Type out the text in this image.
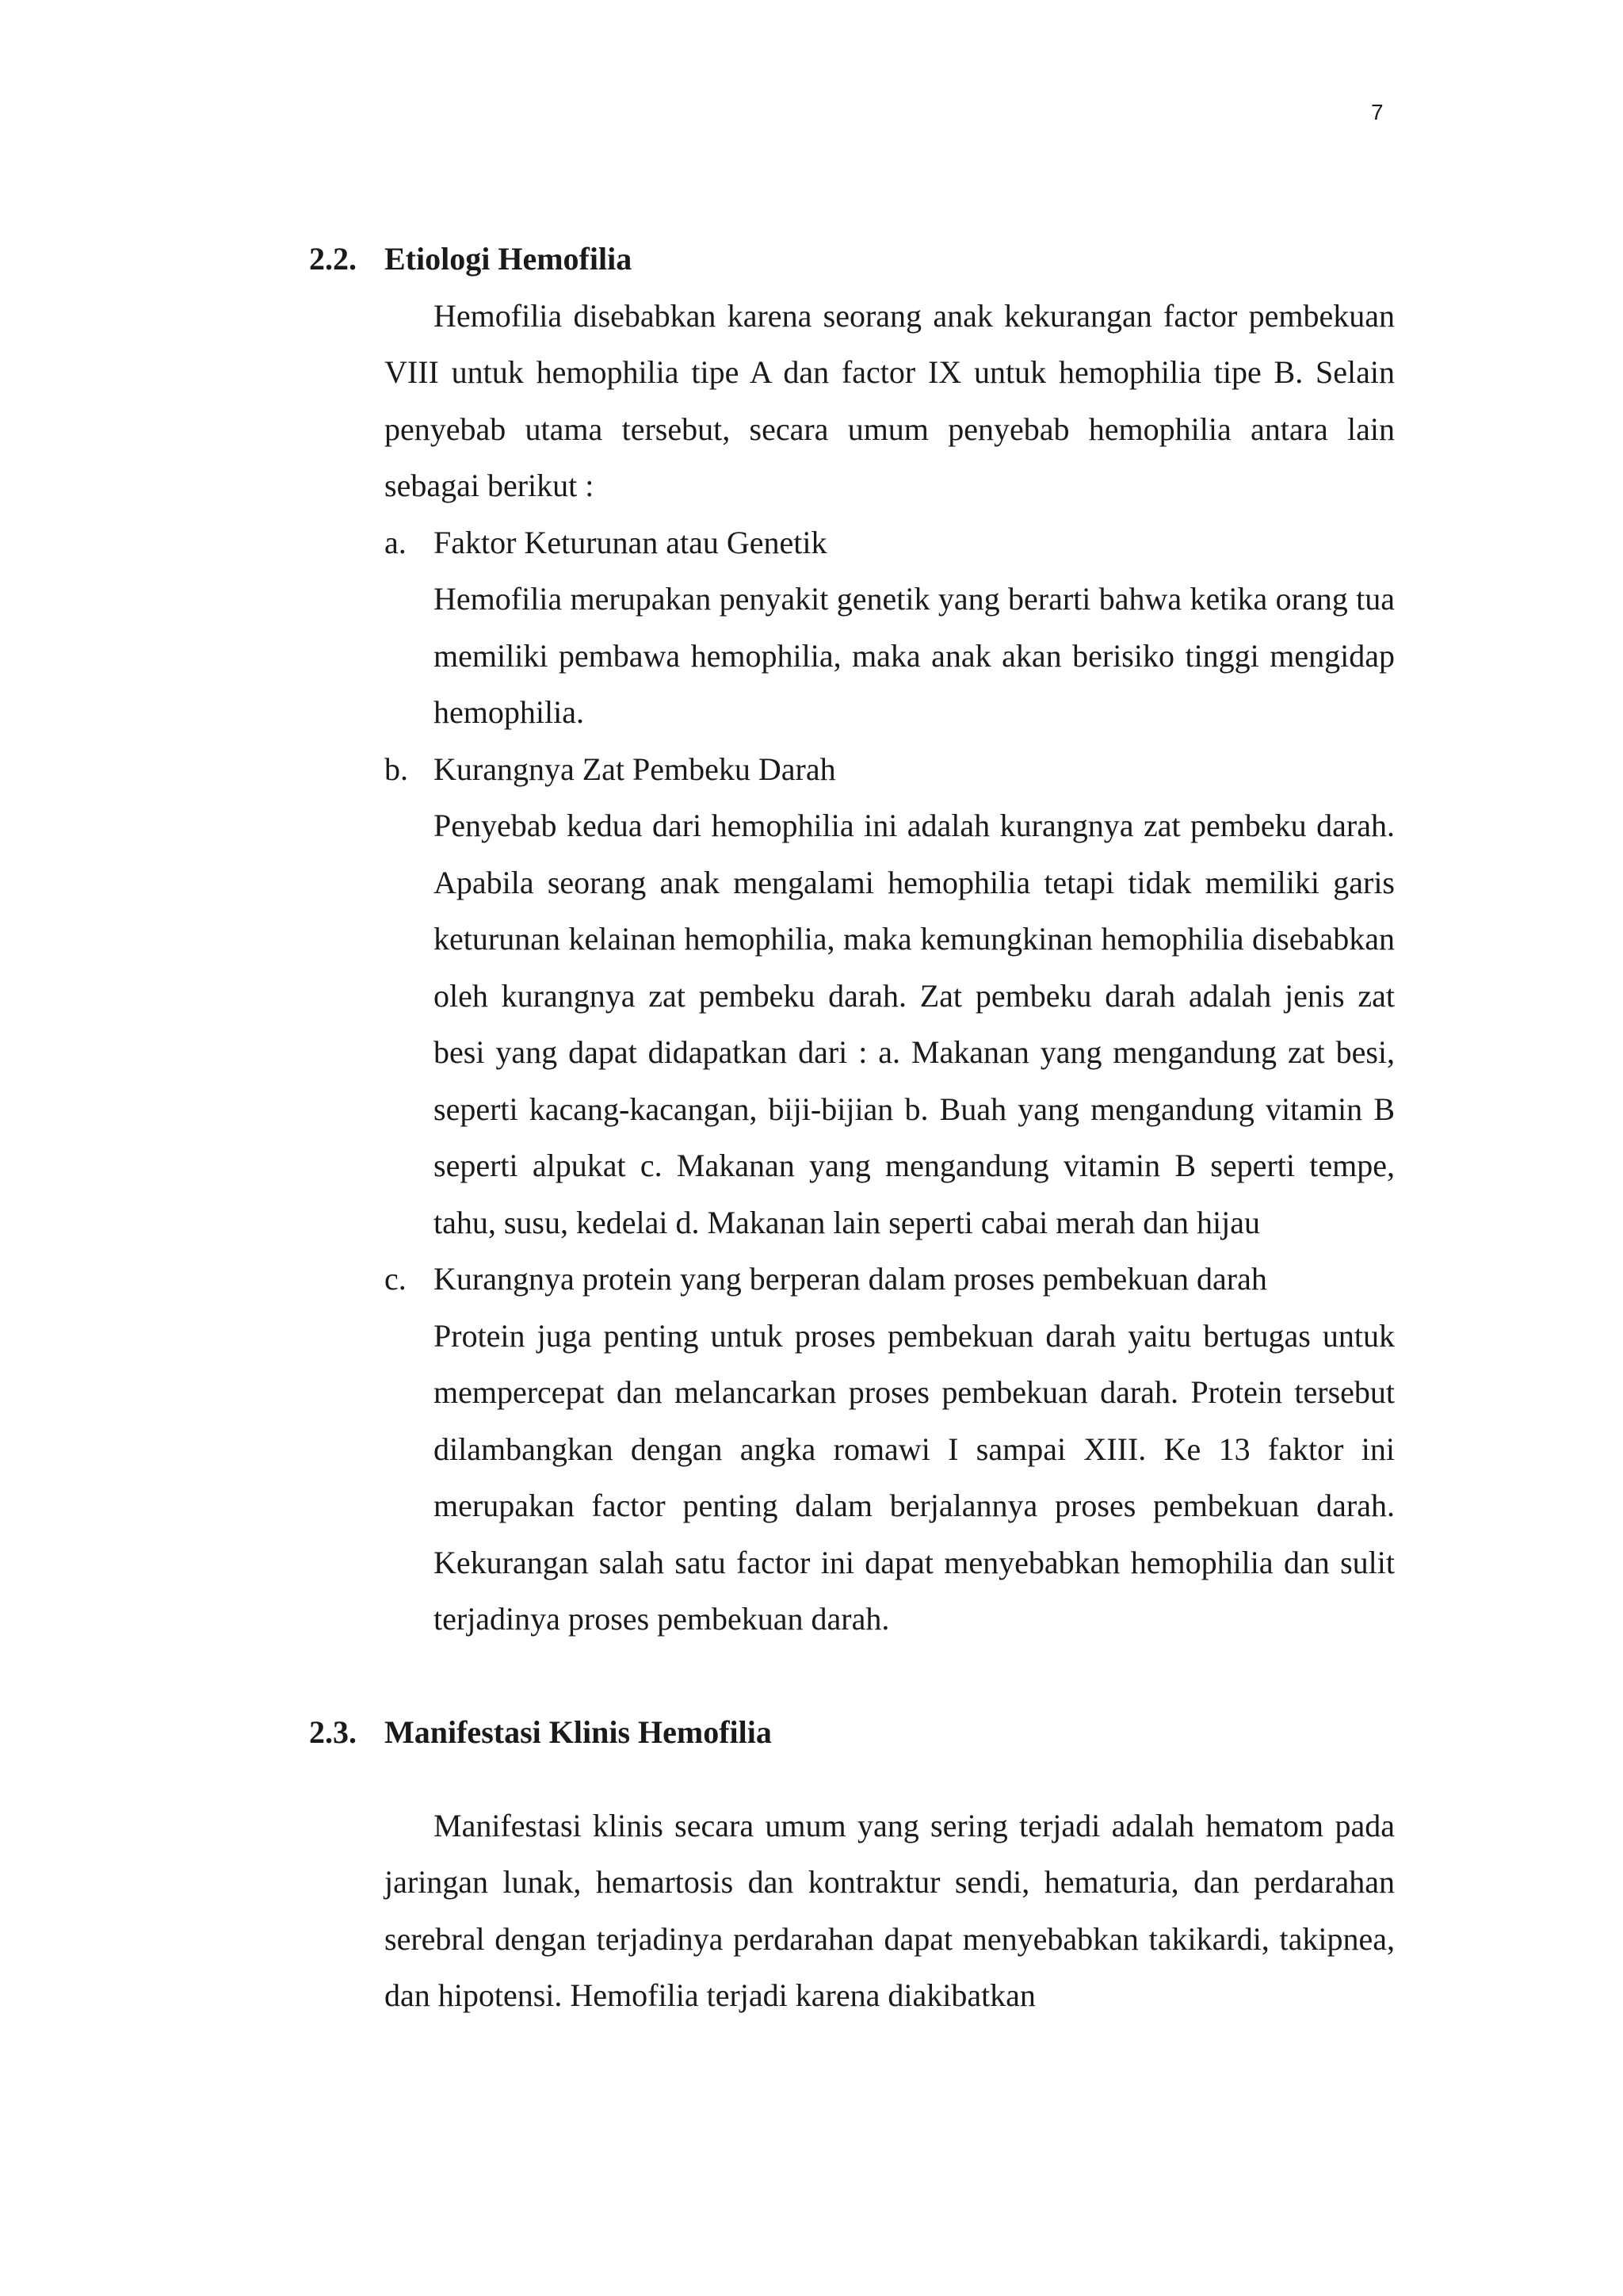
7
2.2. Etiologi Hemofilia

Hemofilia disebabkan karena seorang anak kekurangan factor pembekuan VIII untuk hemophilia tipe A dan factor IX untuk hemophilia tipe B. Selain penyebab utama tersebut, secara umum penyebab hemophilia antara lain sebagai berikut :

a. Faktor Keturunan atau Genetik

Hemofilia merupakan penyakit genetik yang berarti bahwa ketika orang tua memiliki pembawa hemophilia, maka anak akan berisiko tinggi mengidap hemophilia.

b. Kurangnya Zat Pembeku Darah

Penyebab kedua dari hemophilia ini adalah kurangnya zat pembeku darah. Apabila seorang anak mengalami hemophilia tetapi tidak memiliki garis keturunan kelainan hemophilia, maka kemungkinan hemophilia disebabkan oleh kurangnya zat pembeku darah. Zat pembeku darah adalah jenis zat besi yang dapat didapatkan dari : a. Makanan yang mengandung zat besi, seperti kacang-kacangan, biji-bijian b. Buah yang mengandung vitamin B seperti alpukat c. Makanan yang mengandung vitamin B seperti tempe, tahu, susu, kedelai d. Makanan lain seperti cabai merah dan hijau

c. Kurangnya protein yang berperan dalam proses pembekuan darah

Protein juga penting untuk proses pembekuan darah yaitu bertugas untuk mempercepat dan melancarkan proses pembekuan darah. Protein tersebut dilambangkan dengan angka romawi I sampai XIII. Ke 13 faktor ini merupakan factor penting dalam berjalannya proses pembekuan darah. Kekurangan salah satu factor ini dapat menyebabkan hemophilia dan sulit terjadinya proses pembekuan darah.

2.3. Manifestasi Klinis Hemofilia

Manifestasi klinis secara umum yang sering terjadi adalah hematom pada jaringan lunak, hemartosis dan kontraktur sendi, hematuria, dan perdarahan serebral dengan terjadinya perdarahan dapat menyebabkan takikardi, takipnea, dan hipotensi. Hemofilia terjadi karena diakibatkan
